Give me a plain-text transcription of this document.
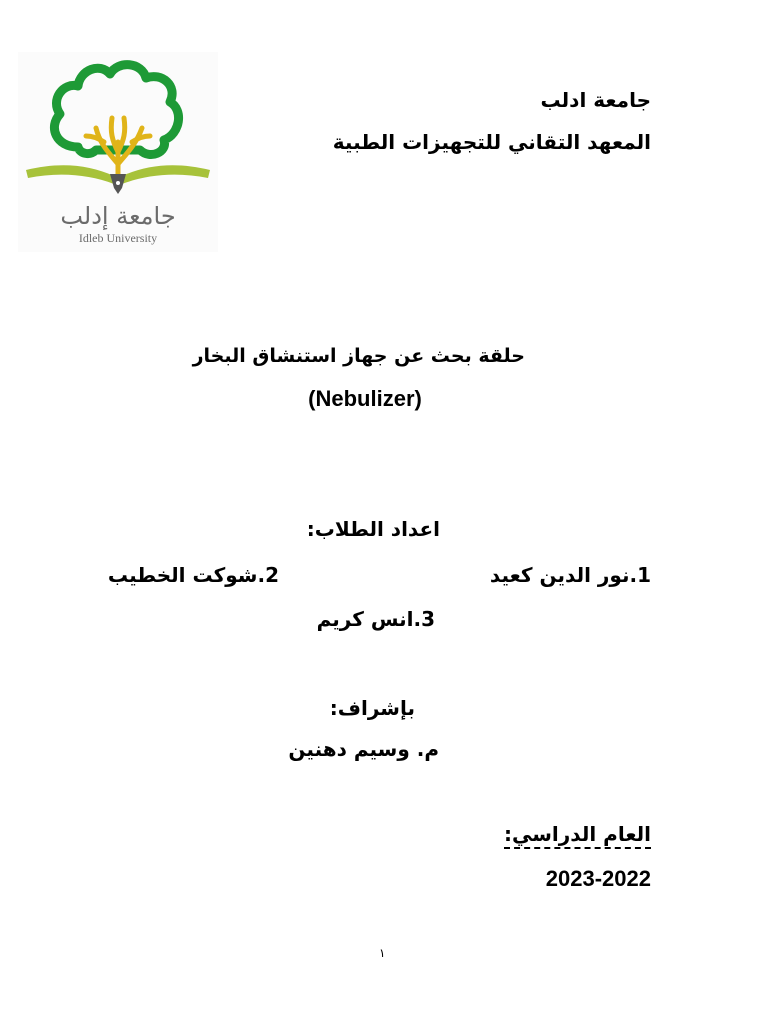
جامعة إدلب
Idleb University
جامعة ادلب
المعهد التقاني للتجهيزات الطبية
حلقة بحث عن جهاز استنشاق البخار
(Nebulizer)
اعداد الطلاب:
1.نور الدين كعيد
2.شوكت الخطيب
3.انس كريم
بإشراف:
م. وسيم دهنين
العام الدراسي:
2023-2022
١
